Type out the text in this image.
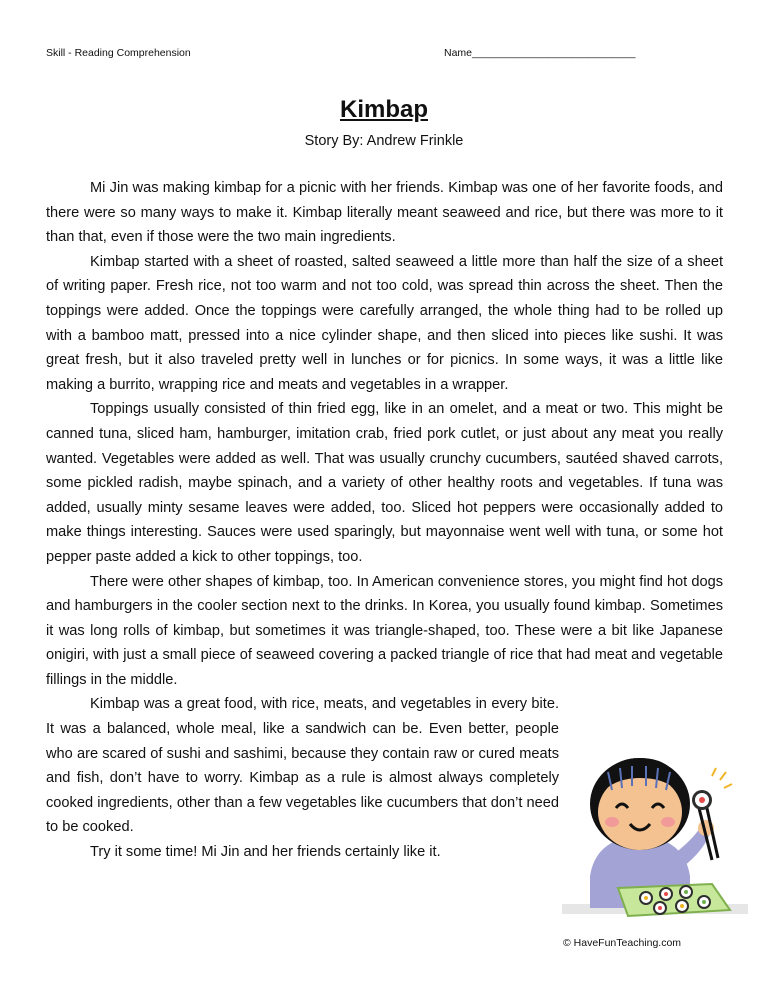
Skill - Reading Comprehension	Name____________________________
Kimbap
Story By: Andrew Frinkle

Mi Jin was making kimbap for a picnic with her friends. Kimbap was one of her favorite foods, and there were so many ways to make it. Kimbap literally meant seaweed and rice, but there was more to it than that, even if those were the two main ingredients.

Kimbap started with a sheet of roasted, salted seaweed a little more than half the size of a sheet of writing paper. Fresh rice, not too warm and not too cold, was spread thin across the sheet. Then the toppings were added. Once the toppings were carefully arranged, the whole thing had to be rolled up with a bamboo matt, pressed into a nice cylinder shape, and then sliced into pieces like sushi. It was great fresh, but it also traveled pretty well in lunches or for picnics. In some ways, it was a little like making a burrito, wrapping rice and meats and vegetables in a wrapper.

Toppings usually consisted of thin fried egg, like in an omelet, and a meat or two. This might be canned tuna, sliced ham, hamburger, imitation crab, fried pork cutlet, or just about any meat you really wanted. Vegetables were added as well. That was usually crunchy cucumbers, sautéed shaved carrots, some pickled radish, maybe spinach, and a variety of other healthy roots and vegetables. If tuna was added, usually minty sesame leaves were added, too. Sliced hot peppers were occasionally added to make things interesting. Sauces were used sparingly, but mayonnaise went well with tuna, or some hot pepper paste added a kick to other toppings, too.

There were other shapes of kimbap, too. In American convenience stores, you might find hot dogs and hamburgers in the cooler section next to the drinks. In Korea, you usually found kimbap. Sometimes it was long rolls of kimbap, but sometimes it was triangle-shaped, too. These were a bit like Japanese onigiri, with just a small piece of seaweed covering a packed triangle of rice that had meat and vegetable fillings in the middle.

Kimbap was a great food, with rice, meats, and vegetables in every bite. It was a balanced, whole meal, like a sandwich can be. Even better, people who are scared of sushi and sashimi, because they contain raw or cured meats and fish, don’t have to worry. Kimbap as a rule is almost always completely cooked ingredients, other than a few vegetables like cucumbers that don’t need to be cooked.

Try it some time! Mi Jin and her friends certainly like it.

© HaveFunTeaching.com
